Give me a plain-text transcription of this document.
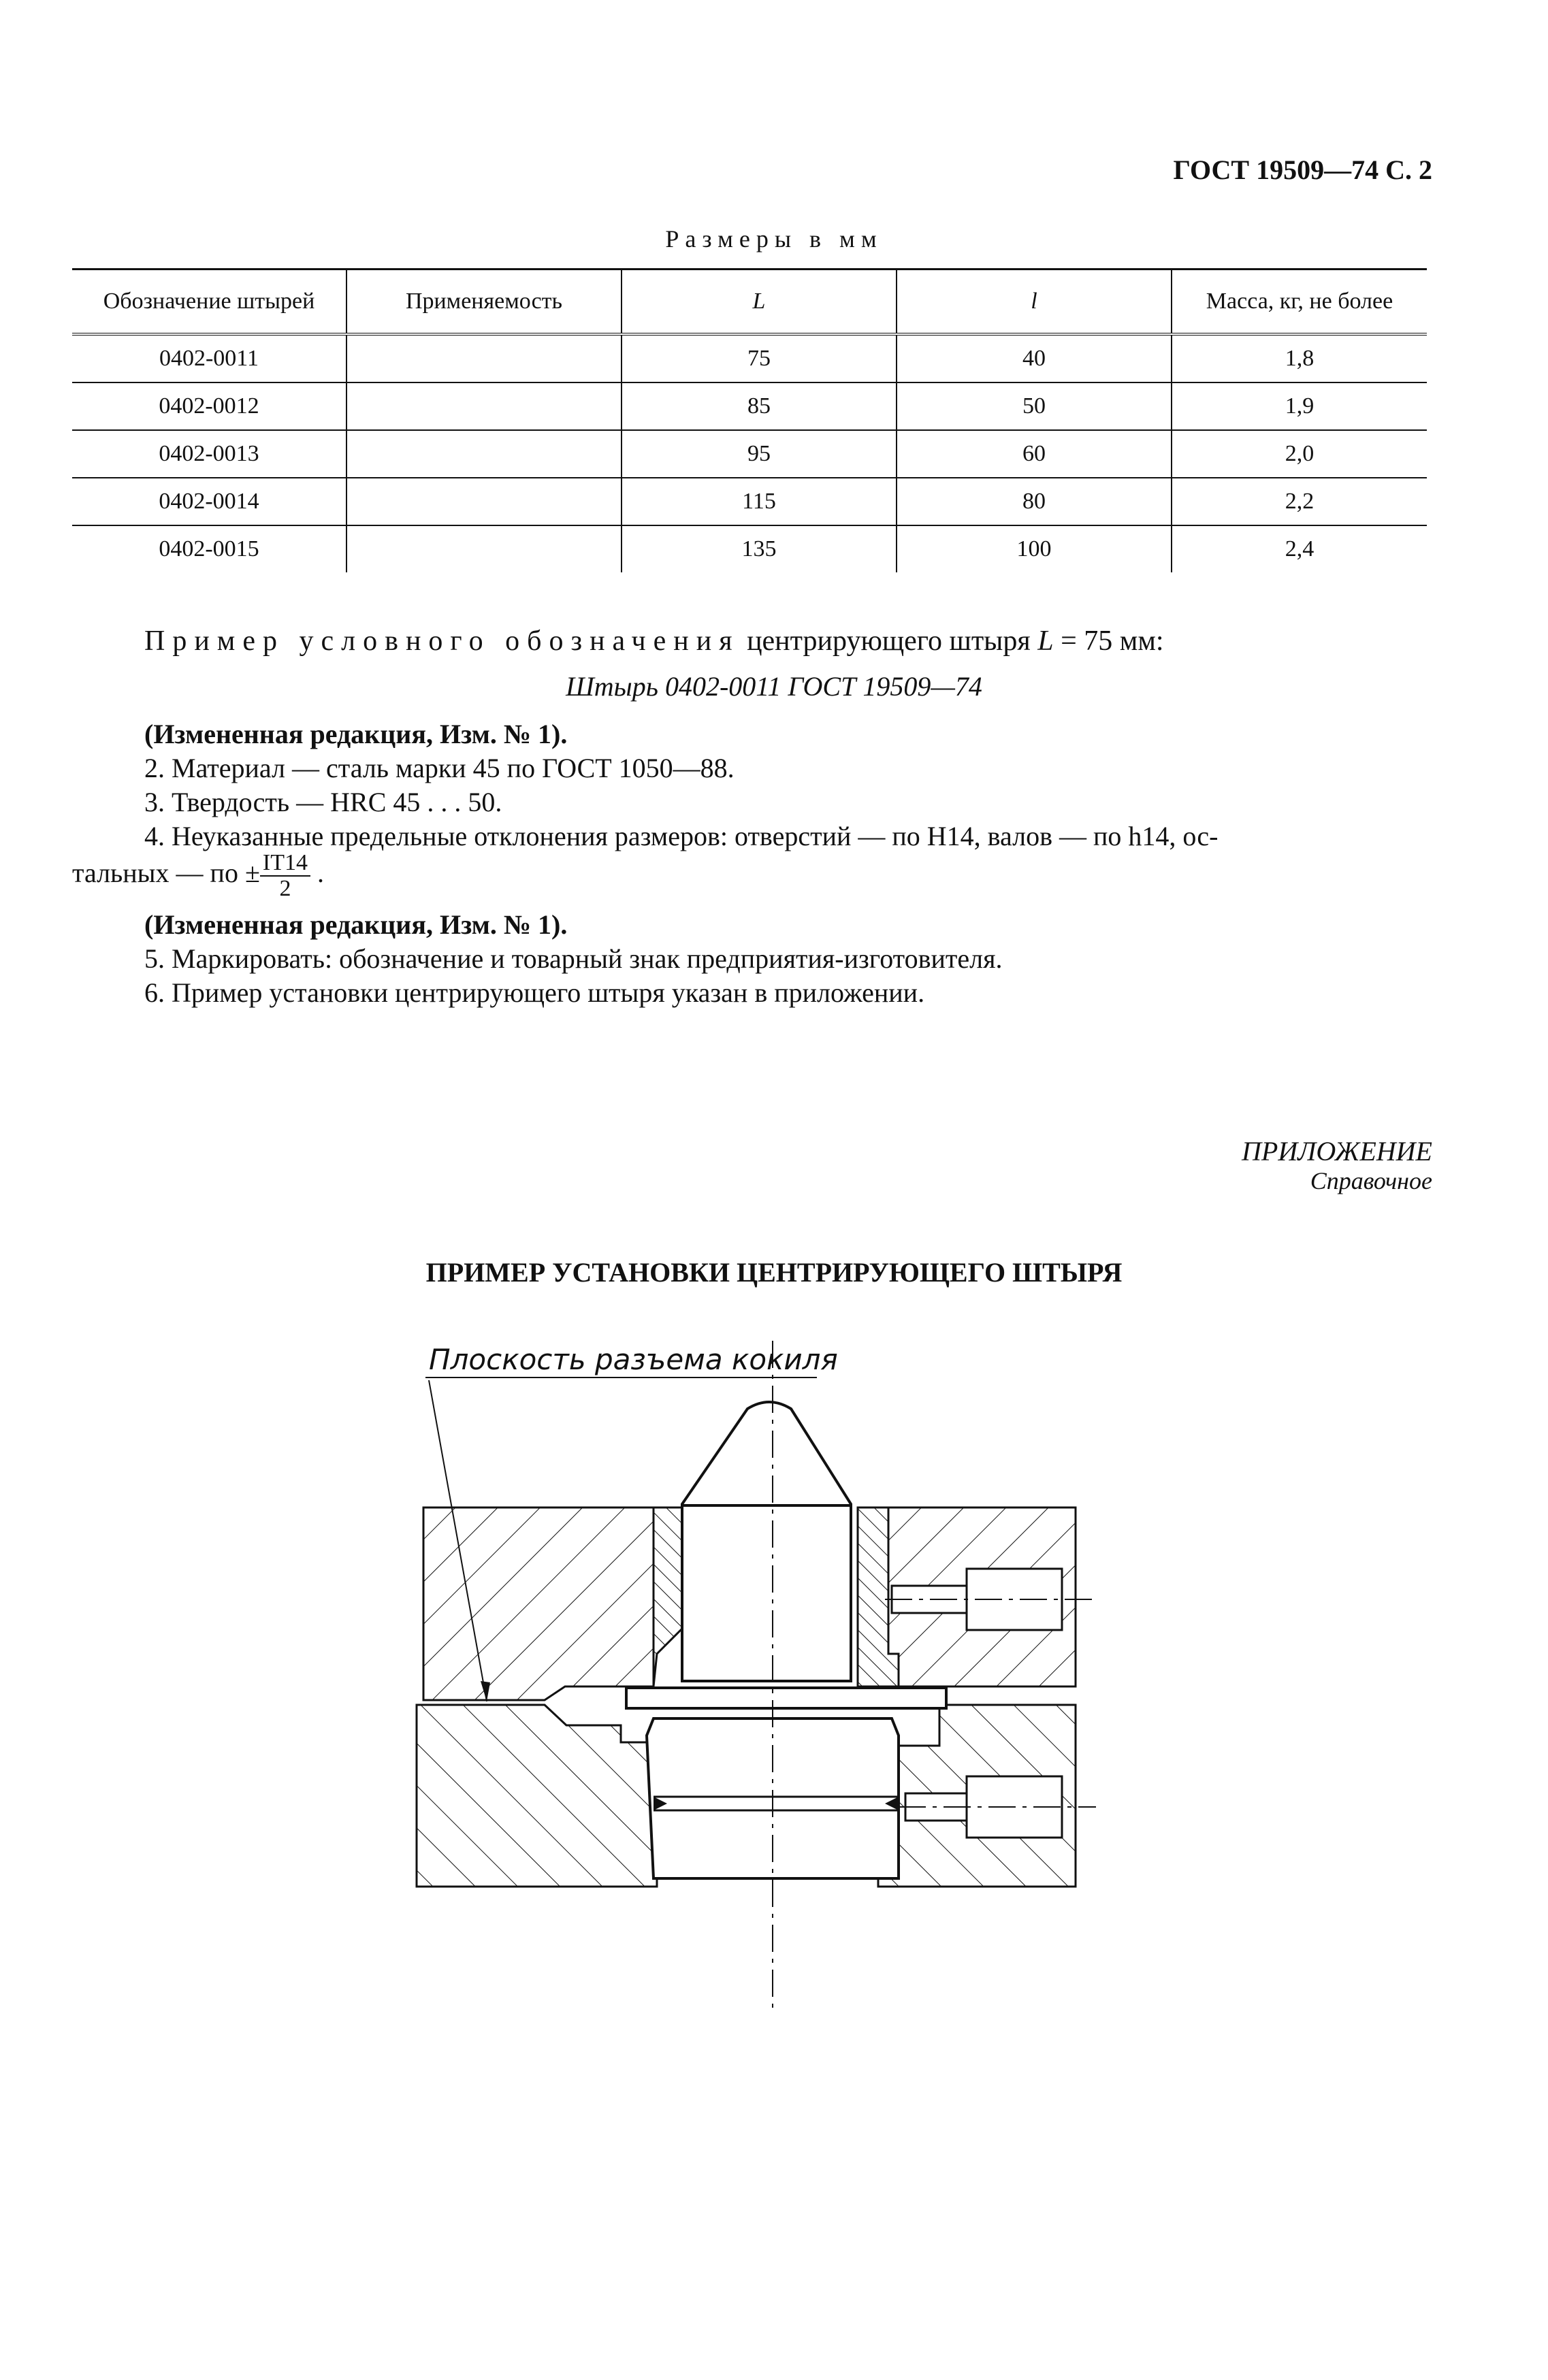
ГОСТ 19509—74 С. 2
Размеры в мм
Обозначение штырей	Применяемость	L	l	Масса, кг, не более
0402-0011		75	40	1,8
0402-0012		85	50	1,9
0402-0013		95	60	2,0
0402-0014		115	80	2,2
0402-0015		135	100	2,4
Пример условного обозначения центрирующего штыря L = 75 мм:
Штырь 0402-0011 ГОСТ 19509—74
(Измененная редакция, Изм. № 1).
2. Материал — сталь марки 45 по ГОСТ 1050—88.
3. Твердость — HRC 45 . . . 50.
4. Неуказанные предельные отклонения размеров: отверстий — по H14, валов — по h14, ос-
тальных — по ± $\frac{IT14}{2}$ .
(Измененная редакция, Изм. № 1).
5. Маркировать: обозначение и товарный знак предприятия-изготовителя.
6. Пример установки центрирующего штыря указан в приложении.
ПРИЛОЖЕНИЕ
Справочное
ПРИМЕР УСТАНОВКИ ЦЕНТРИРУЮЩЕГО ШТЫРЯ
Плоскость разъема кокиля
